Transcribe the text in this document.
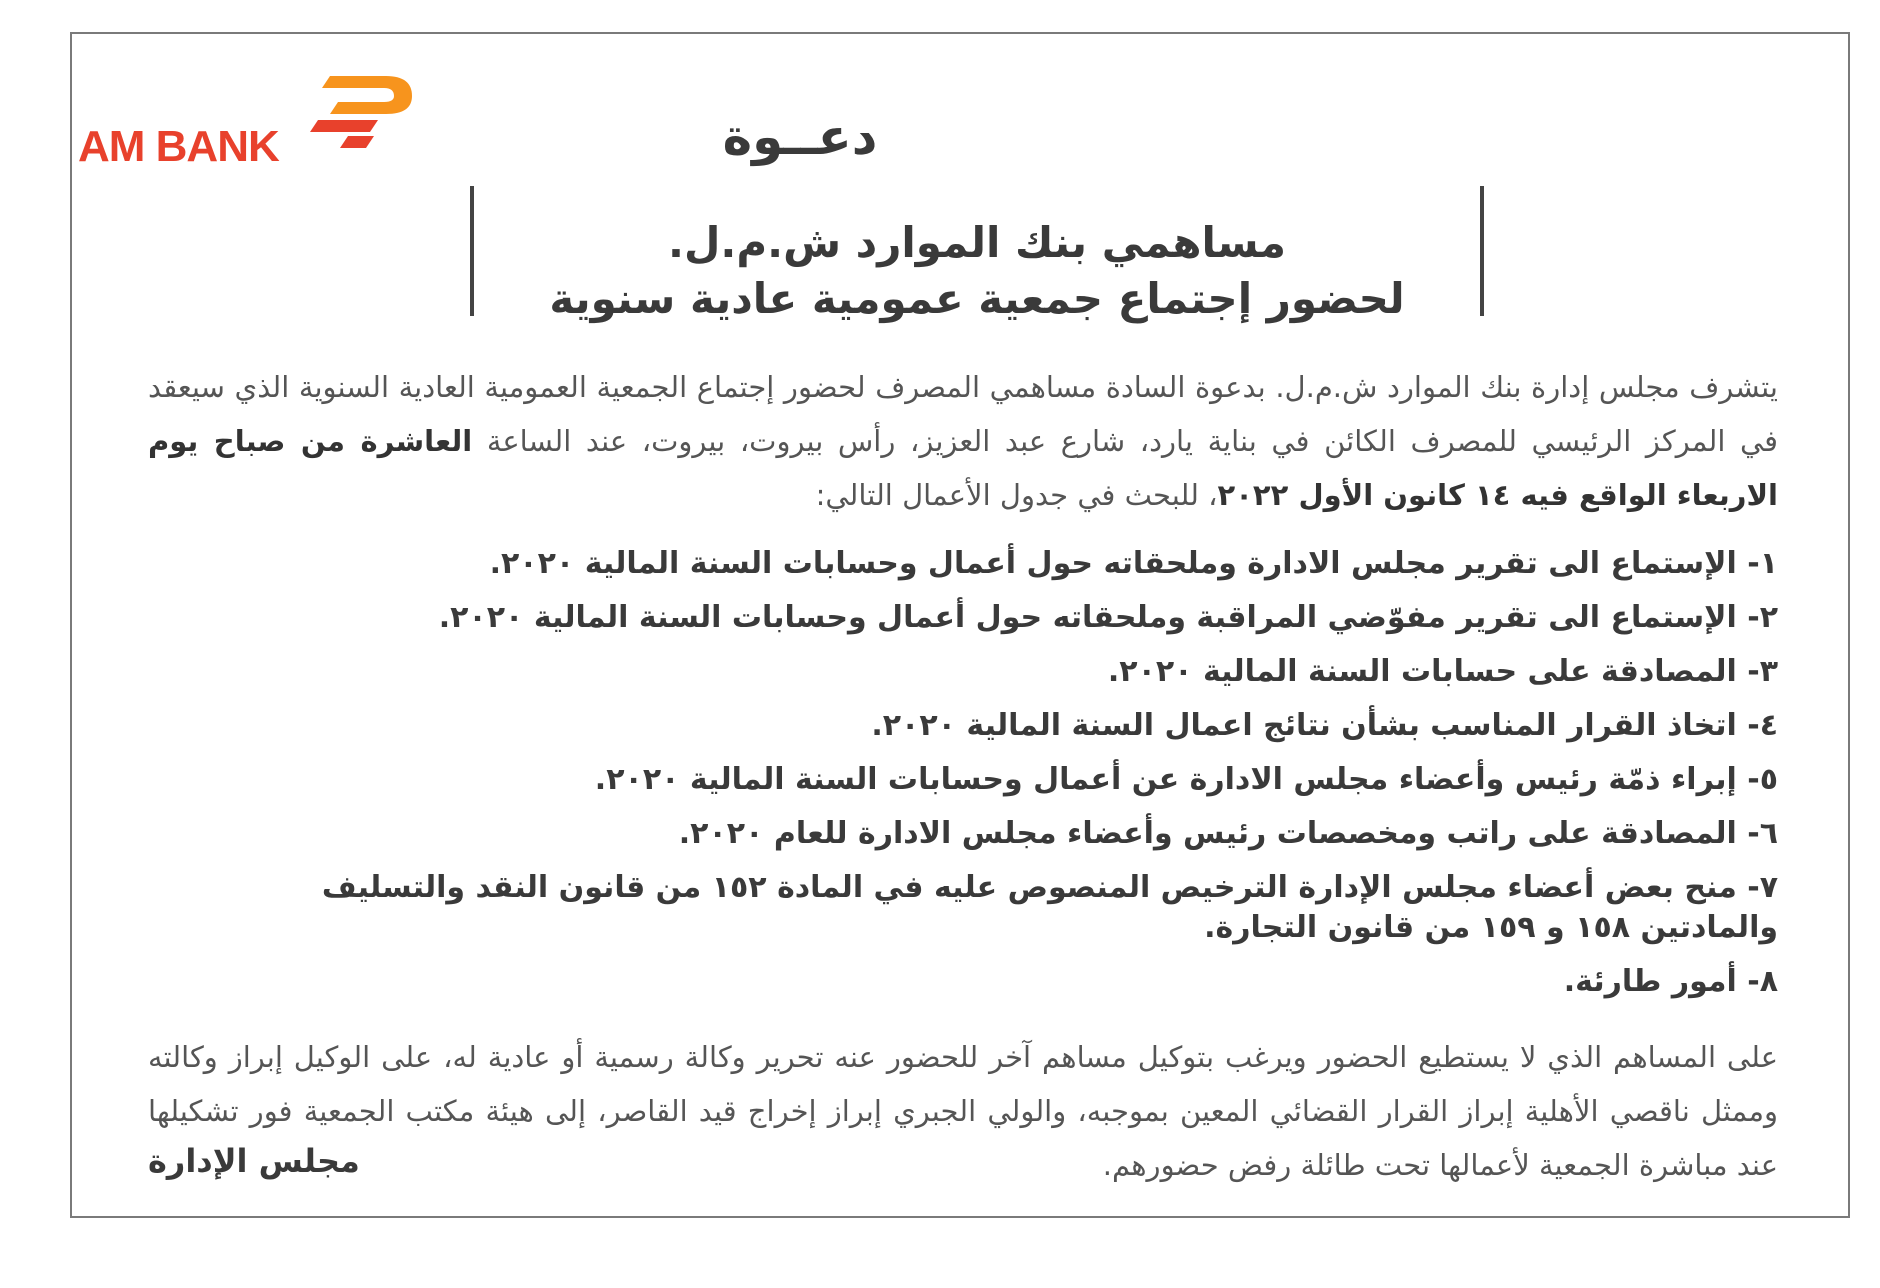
AM BANK	دعــوة
مساهمي بنك الموارد ش.م.ل.
لحضور إجتماع جمعية عمومية عادية سنوية
يتشرف مجلس إدارة بنك الموارد ش.م.ل. بدعوة السادة مساهمي المصرف لحضور إجتماع الجمعية العمومية العادية السنوية الذي سيعقد في المركز الرئيسي للمصرف الكائن في بناية يارد، شارع عبد العزيز، رأس بيروت، بيروت، عند الساعة العاشرة من صباح يوم الاربعاء الواقع فيه ١٤ كانون الأول ٢٠٢٢، للبحث في جدول الأعمال التالي:
١- الإستماع الى تقرير مجلس الادارة وملحقاته حول أعمال وحسابات السنة المالية ٢٠٢٠.
٢- الإستماع الى تقرير مفوّضي المراقبة وملحقاته حول أعمال وحسابات السنة المالية ٢٠٢٠.
٣- المصادقة على حسابات السنة المالية ٢٠٢٠.
٤- اتخاذ القرار المناسب بشأن نتائج اعمال السنة المالية ٢٠٢٠.
٥- إبراء ذمّة رئيس وأعضاء مجلس الادارة عن أعمال وحسابات السنة المالية ٢٠٢٠.
٦- المصادقة على راتب ومخصصات رئيس وأعضاء مجلس الادارة للعام ٢٠٢٠.
٧- منح بعض أعضاء مجلس الإدارة الترخيص المنصوص عليه في المادة ١٥٢ من قانون النقد والتسليف والمادتين ١٥٨ و ١٥٩ من قانون التجارة.
٨- أمور طارئة.
على المساهم الذي لا يستطيع الحضور ويرغب بتوكيل مساهم آخر للحضور عنه تحرير وكالة رسمية أو عادية له، على الوكيل إبراز وكالته وممثل ناقصي الأهلية إبراز القرار القضائي المعين بموجبه، والولي الجبري إبراز إخراج قيد القاصر، إلى هيئة مكتب الجمعية فور تشكيلها عند مباشرة الجمعية لأعمالها تحت طائلة رفض حضورهم.
مجلس الإدارة
